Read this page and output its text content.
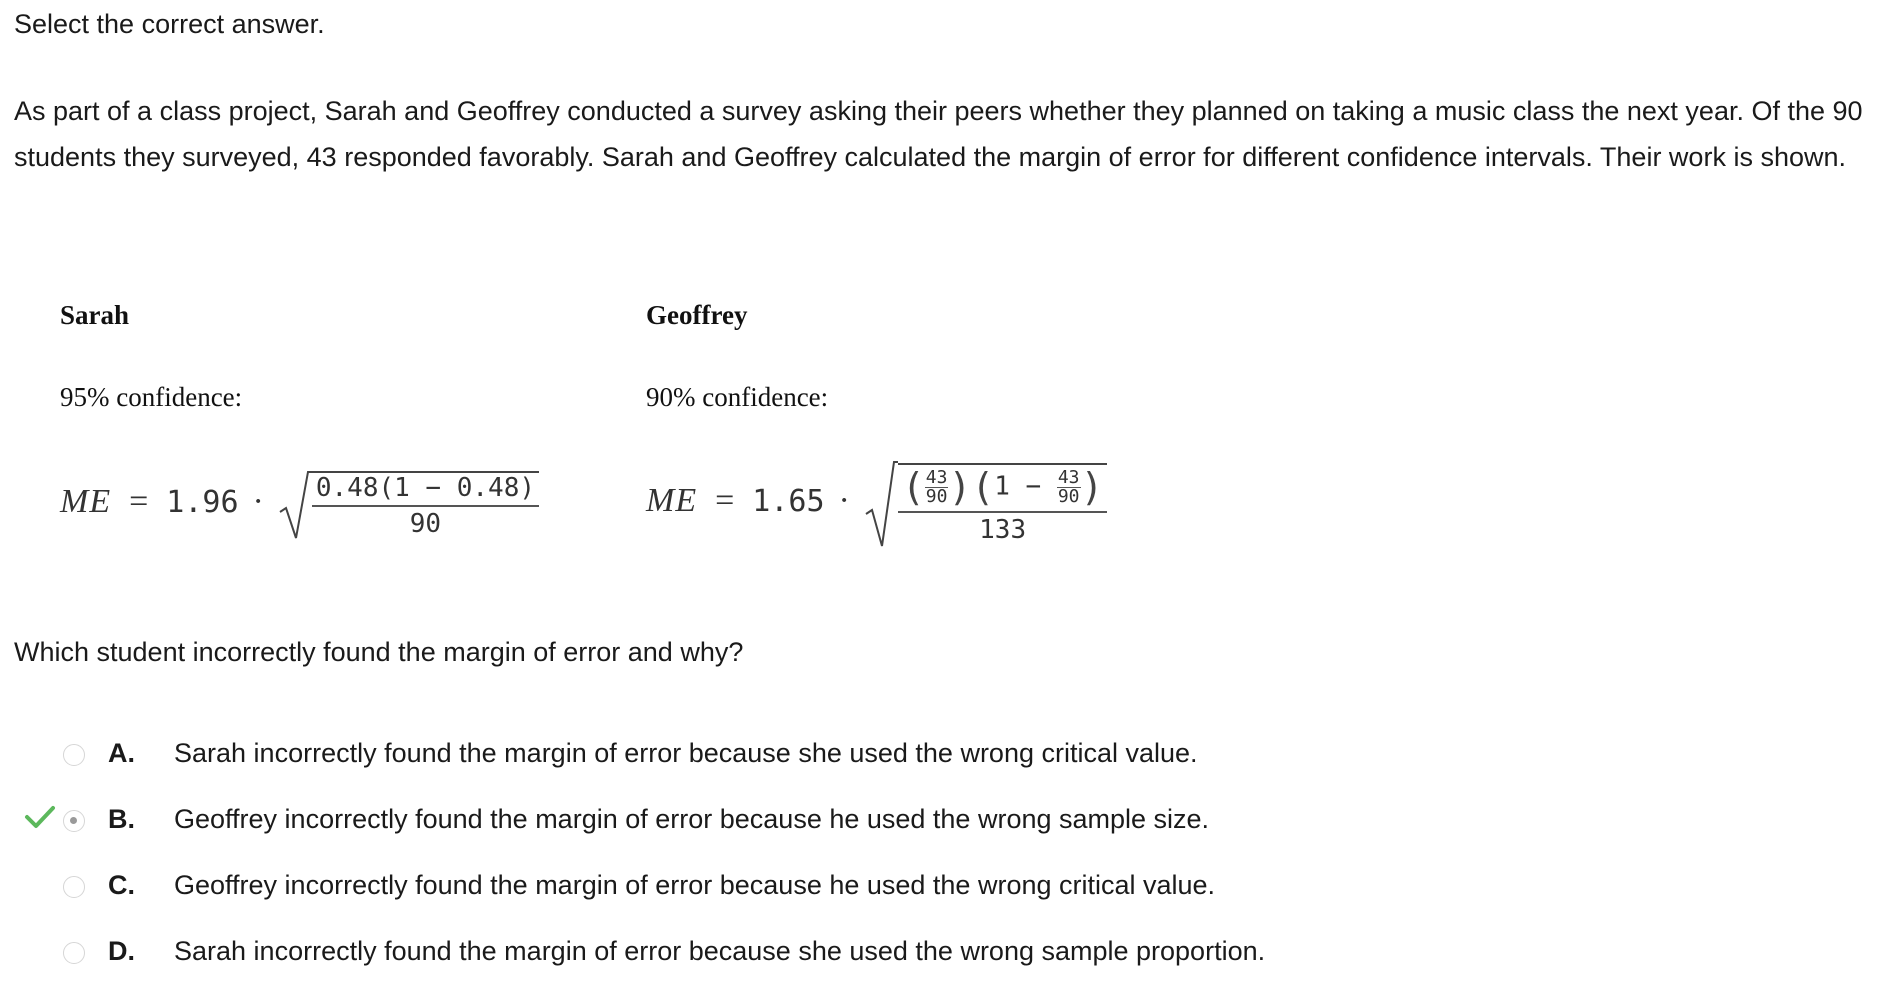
Select the correct answer.
As part of a class project, Sarah and Geoffrey conducted a survey asking their peers whether they planned on taking a music class the next year. Of the 90 students they surveyed, 43 responded favorably. Sarah and Geoffrey calculated the margin of error for different confidence intervals. Their work is shown.
Sarah
95% confidence:
ME = $1.96 \cdot \frac{0.48(1 - 0.48)}{90}$
Geoffrey
90% confidence:
ME = $1.65 \cdot \frac{( \frac{43}{90} )(1 - \frac{43}{90} )}{133}$
Which student incorrectly found the margin of error and why?
A. Sarah incorrectly found the margin of error because she used the wrong critical value.
B. Geoffrey incorrectly found the margin of error because he used the wrong sample size.
C. Geoffrey incorrectly found the margin of error because he used the wrong critical value.
D. Sarah incorrectly found the margin of error because she used the wrong sample proportion.
